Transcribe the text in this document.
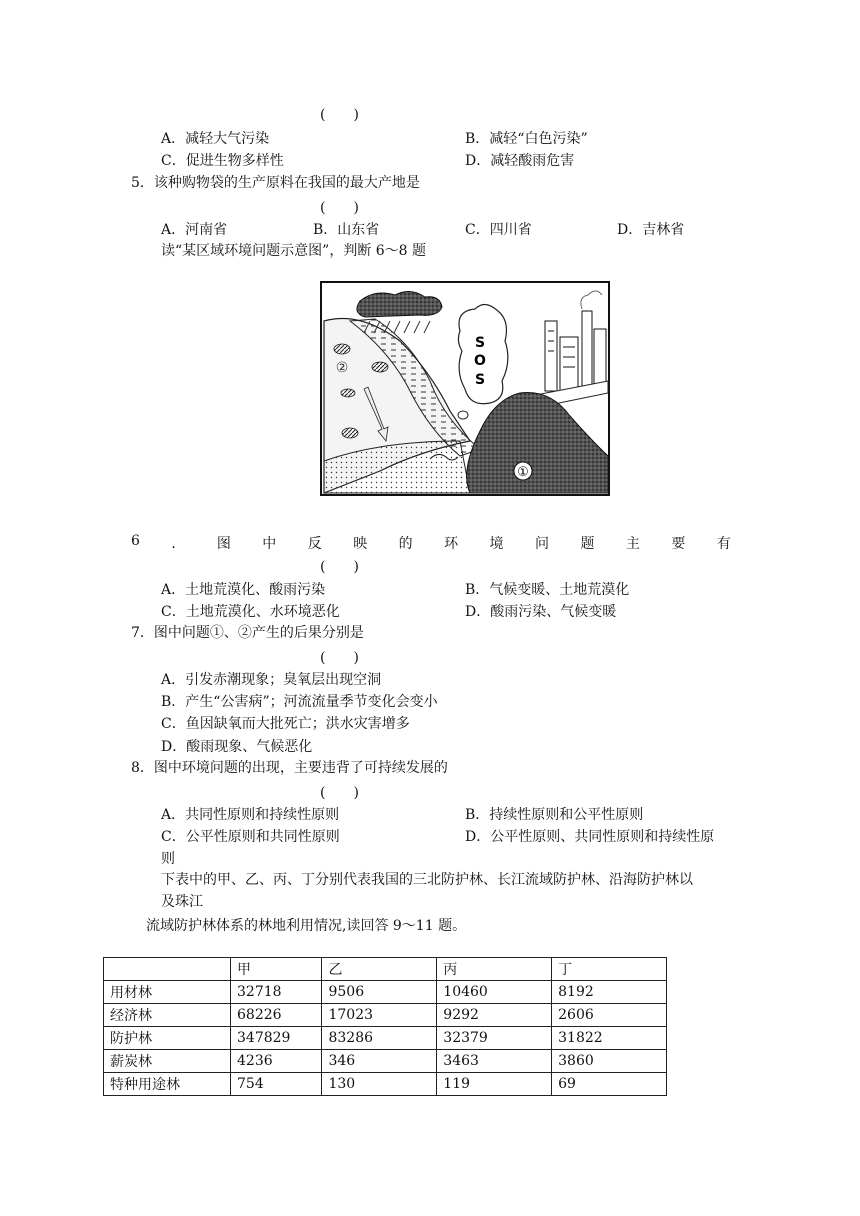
(　　)
A．减轻大气污染	B．减轻“白色污染”
C．促进生物多样性	D．减轻酸雨危害
5．该种购物袋的生产原料在我国的最大产地是
(　　)
A．河南省	B．山东省	C．四川省	D．吉林省
读“某区域环境问题示意图”，判断 6～8 题
S
O
S
①
②
6 ． 图 中 反 映 的 环 境 问 题 主 要 有
(　　)
A．土地荒漠化、酸雨污染	B．气候变暖、土地荒漠化
C．土地荒漠化、水环境恶化	D．酸雨污染、气候变暖
7．图中问题①、②产生的后果分别是
(　　)
A．引发赤潮现象；臭氧层出现空洞
B．产生“公害病”；河流流量季节变化会变小
C．鱼因缺氧而大批死亡；洪水灾害增多
D．酸雨现象、气候恶化
8．图中环境问题的出现，主要违背了可持续发展的
(　　)
A．共同性原则和持续性原则	B．持续性原则和公平性原则
C．公平性原则和共同性原则	D．公平性原则、共同性原则和持续性原
则
下表中的甲、乙、丙、丁分别代表我国的三北防护林、长江流域防护林、沿海防护林以
及珠江
流域防护林体系的林地利用情况,读回答 9～11 题。
	甲	乙	丙	丁
用材林	32718	9506	10460	8192
经济林	68226	17023	9292	2606
防护林	347829	83286	32379	31822
薪炭林	4236	346	3463	3860
特种用途林	754	130	119	69
